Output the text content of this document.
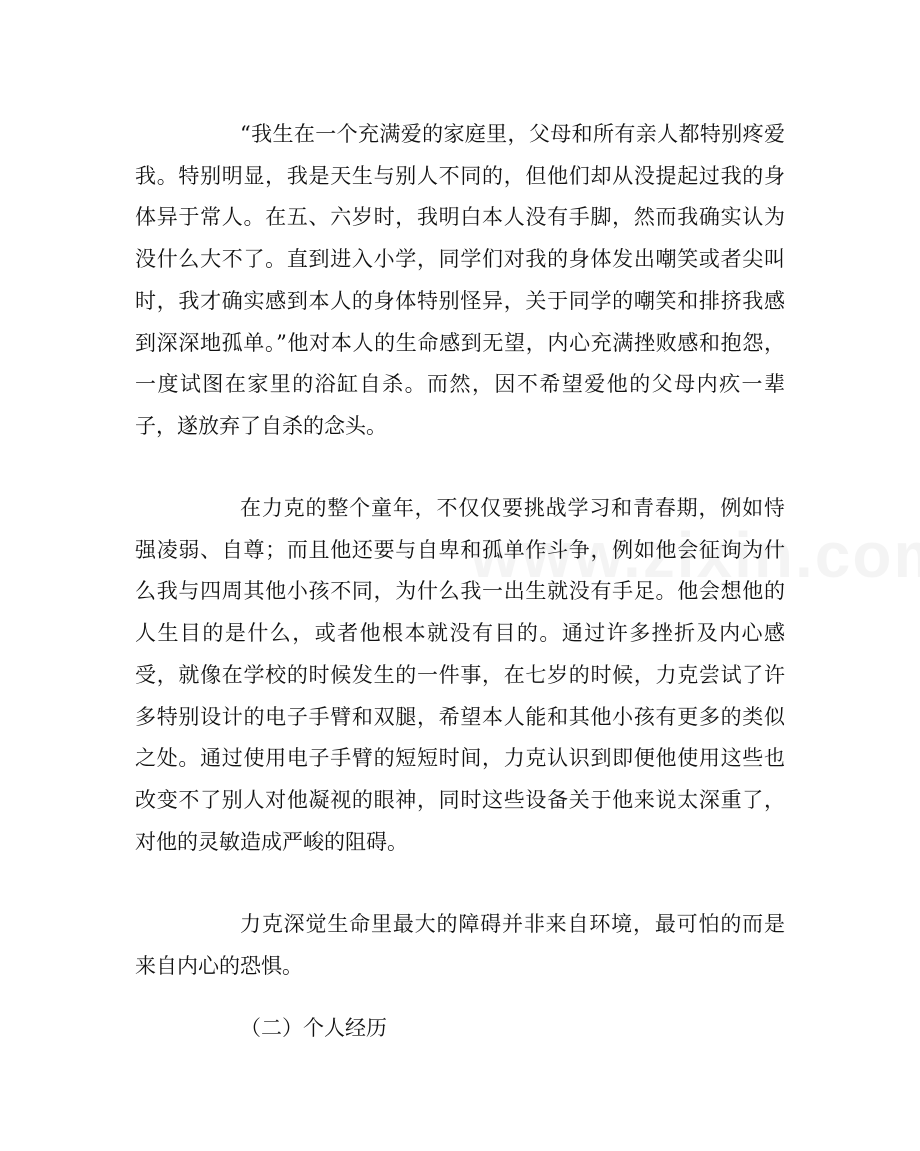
“我生在一个充满爱的家庭里，父母和所有亲人都特别疼爱我。特别明显，我是天生与别人不同的，但他们却从没提起过我的身体异于常人。在五、六岁时，我明白本人没有手脚，然而我确实认为没什么大不了。直到进入小学，同学们对我的身体发出嘲笑或者尖叫时，我才确实感到本人的身体特别怪异，关于同学的嘲笑和排挤我感到深深地孤单。”他对本人的生命感到无望，内心充满挫败感和抱怨，一度试图在家里的浴缸自杀。而然，因不希望爱他的父母内疚一辈子，遂放弃了自杀的念头。

在力克的整个童年，不仅仅要挑战学习和青春期，例如恃强凌弱、自尊；而且他还要与自卑和孤单作斗争，例如他会征询为什么我与四周其他小孩不同，为什么我一出生就没有手足。他会想他的人生目的是什么，或者他根本就没有目的。通过许多挫折及内心感受，就像在学校的时候发生的一件事，在七岁的时候，力克尝试了许多特别设计的电子手臂和双腿，希望本人能和其他小孩有更多的类似之处。通过使用电子手臂的短短时间，力克认识到即便他使用这些也改变不了别人对他凝视的眼神，同时这些设备关于他来说太深重了，对他的灵敏造成严峻的阻碍。

力克深觉生命里最大的障碍并非来自环境，最可怕的而是来自内心的恐惧。

（二）个人经历
